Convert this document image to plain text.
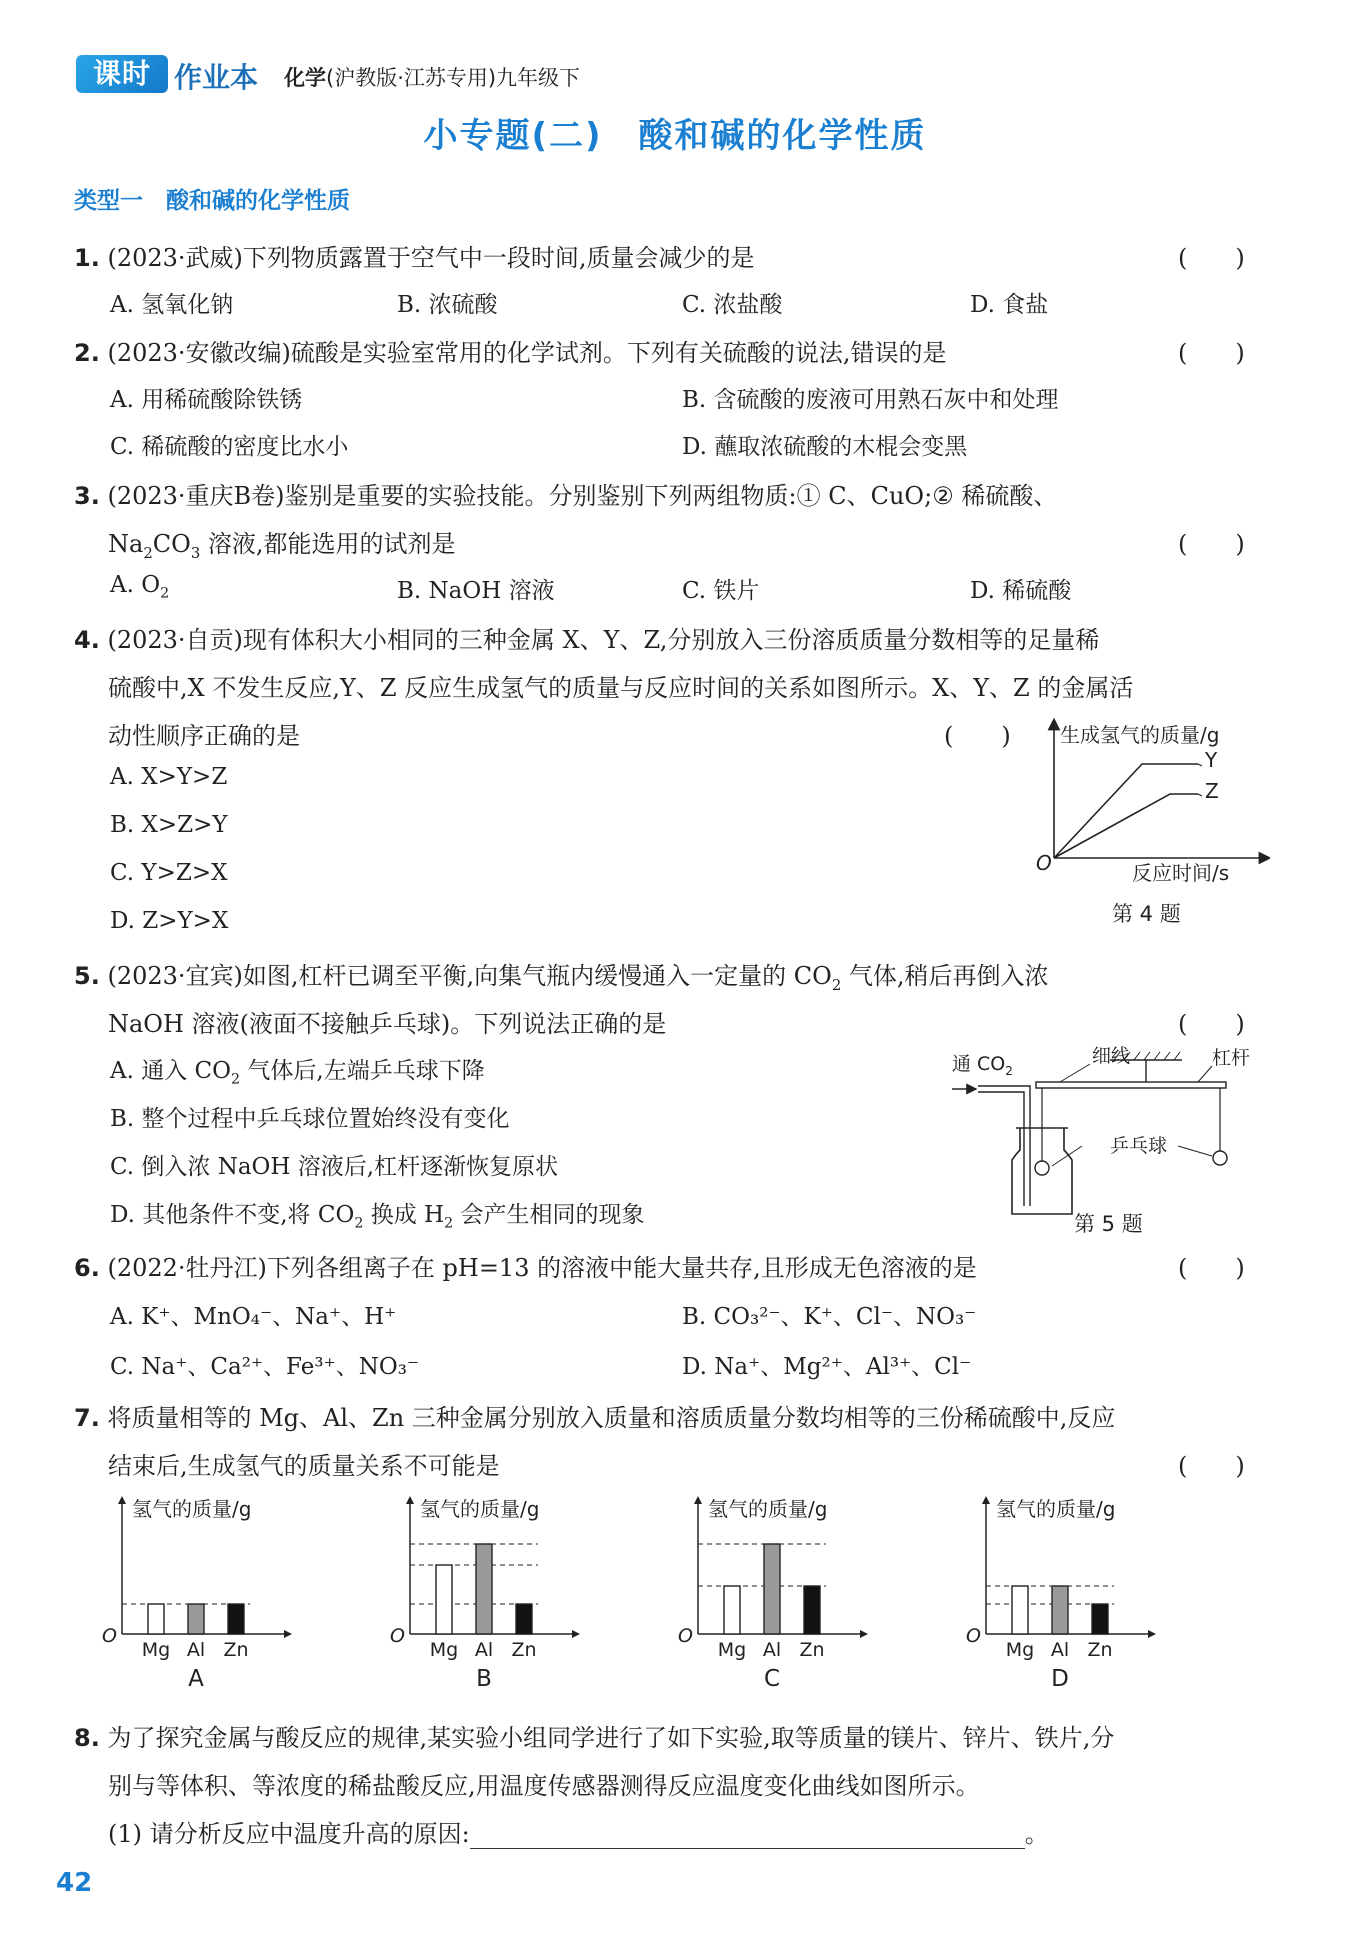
课时 作业本 化学(沪教版·江苏专用)九年级下
小专题(二)　酸和碱的化学性质
类型一　酸和碱的化学性质
1. (2023·武威)下列物质露置于空气中一段时间,质量会减少的是	(　　)
A. 氢氧化钠	B. 浓硫酸	C. 浓盐酸	D. 食盐
2. (2023·安徽改编)硫酸是实验室常用的化学试剂。下列有关硫酸的说法,错误的是	(　　)
A. 用稀硫酸除铁锈	B. 含硫酸的废液可用熟石灰中和处理
C. 稀硫酸的密度比水小	D. 蘸取浓硫酸的木棍会变黑
3. (2023·重庆B卷)鉴别是重要的实验技能。分别鉴别下列两组物质:① C、CuO;② 稀硫酸、
$Na_2CO_3$ 溶液,都能选用的试剂是	(　　)
A. $O_2$	B. NaOH 溶液	C. 铁片	D. 稀硫酸
4. (2023·自贡)现有体积大小相同的三种金属 X、Y、Z,分别放入三份溶质质量分数相等的足量稀
硫酸中,X 不发生反应,Y、Z 反应生成氢气的质量与反应时间的关系如图所示。X、Y、Z 的金属活
动性顺序正确的是	(　　)
A. X>Y>Z
B. X>Z>Y
C. Y>Z>X
D. Z>Y>X
生成氢气的质量/g
Y
Z
O	反应时间/s
第 4 题
5. (2023·宜宾)如图,杠杆已调至平衡,向集气瓶内缓慢通入一定量的 $CO_2$ 气体,稍后再倒入浓
NaOH 溶液(液面不接触乒乓球)。下列说法正确的是	(　　)
A. 通入 $CO_2$ 气体后,左端乒乓球下降
B. 整个过程中乒乓球位置始终没有变化
C. 倒入浓 NaOH 溶液后,杠杆逐渐恢复原状
D. 其他条件不变,将 $CO_2$ 换成 $H_2$ 会产生相同的现象
通 $CO_2$
细线	杠杆
乒乓球
第 5 题
6. (2022·牡丹江)下列各组离子在 pH=13 的溶液中能大量共存,且形成无色溶液的是	(　　)
A. K⁺、MnO₄⁻、Na⁺、H⁺	B. CO₃²⁻、K⁺、Cl⁻、NO₃⁻
C. Na⁺、Ca²⁺、Fe³⁺、NO₃⁻	D. Na⁺、Mg²⁺、Al³⁺、Cl⁻
7. 将质量相等的 Mg、Al、Zn 三种金属分别放入质量和溶质质量分数均相等的三份稀硫酸中,反应
结束后,生成氢气的质量关系不可能是	(　　)
氢气的质量/g
O
Mg Al Zn
A
氢气的质量/g
O
Mg Al Zn
B
氢气的质量/g
O
Mg Al Zn
C
氢气的质量/g
O
Mg Al Zn
D
8. 为了探究金属与酸反应的规律,某实验小组同学进行了如下实验,取等质量的镁片、锌片、铁片,分
别与等体积、等浓度的稀盐酸反应,用温度传感器测得反应温度变化曲线如图所示。
(1) 请分析反应中温度升高的原因:	。
42
